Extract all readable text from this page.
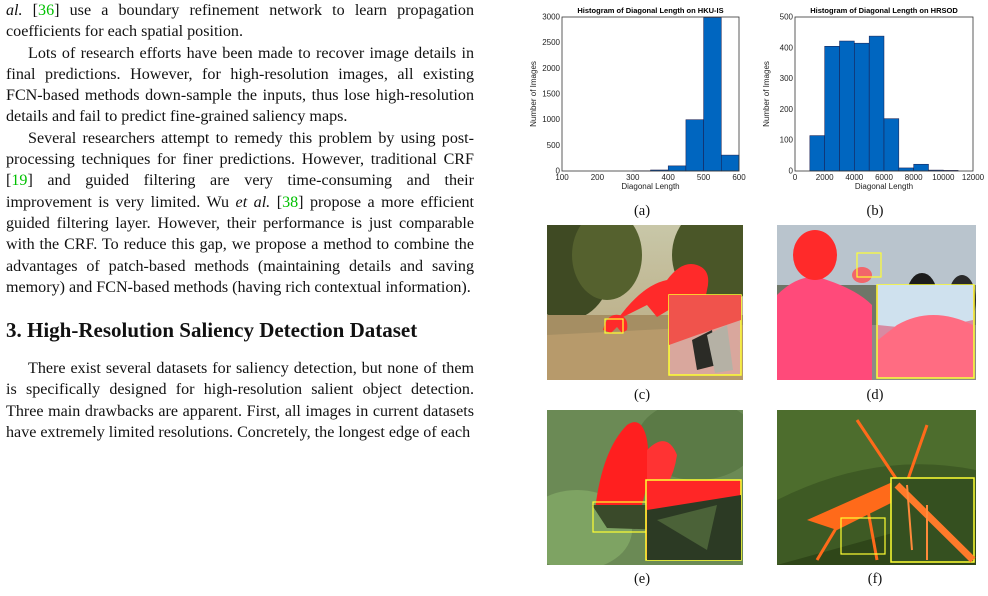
al. [36] use a boundary refinement network to learn propagation coefficients for each spatial position.

Lots of research efforts have been made to recover image details in final predictions. However, for high-resolution images, all existing FCN-based methods down-sample the inputs, thus lose high-resolution details and fail to predict fine-grained saliency maps.

Several researchers attempt to remedy this problem by using post-processing techniques for finer predictions. However, traditional CRF [19] and guided filtering are very time-consuming and their improvement is very limited. Wu et al. [38] propose a more efficient guided filtering layer. However, their performance is just comparable with the CRF. To reduce this gap, we propose a method to combine the advantages of patch-based methods (maintaining details and saving memory) and FCN-based methods (having rich contextual information).

3. High-Resolution Saliency Detection Dataset

There exist several datasets for saliency detection, but none of them is specifically designed for high-resolution salient object detection. Three main drawbacks are apparent. First, all images in current datasets have extremely limited resolutions. Concretely, the longest edge of each

100	200	300	400	500	600
0
500
1000
1500
2000
2500
3000
Diagonal Length
Number of Images
Histogram of Diagonal Length on HKU-IS
0 2000 4000 6000 8000 10000 12000
0
100
200
300
400
500
Diagonal Length
Number of Images
Histogram of Diagonal Length on HRSOD
(a)	(b)
(c)	(d)
(e)	(f)
